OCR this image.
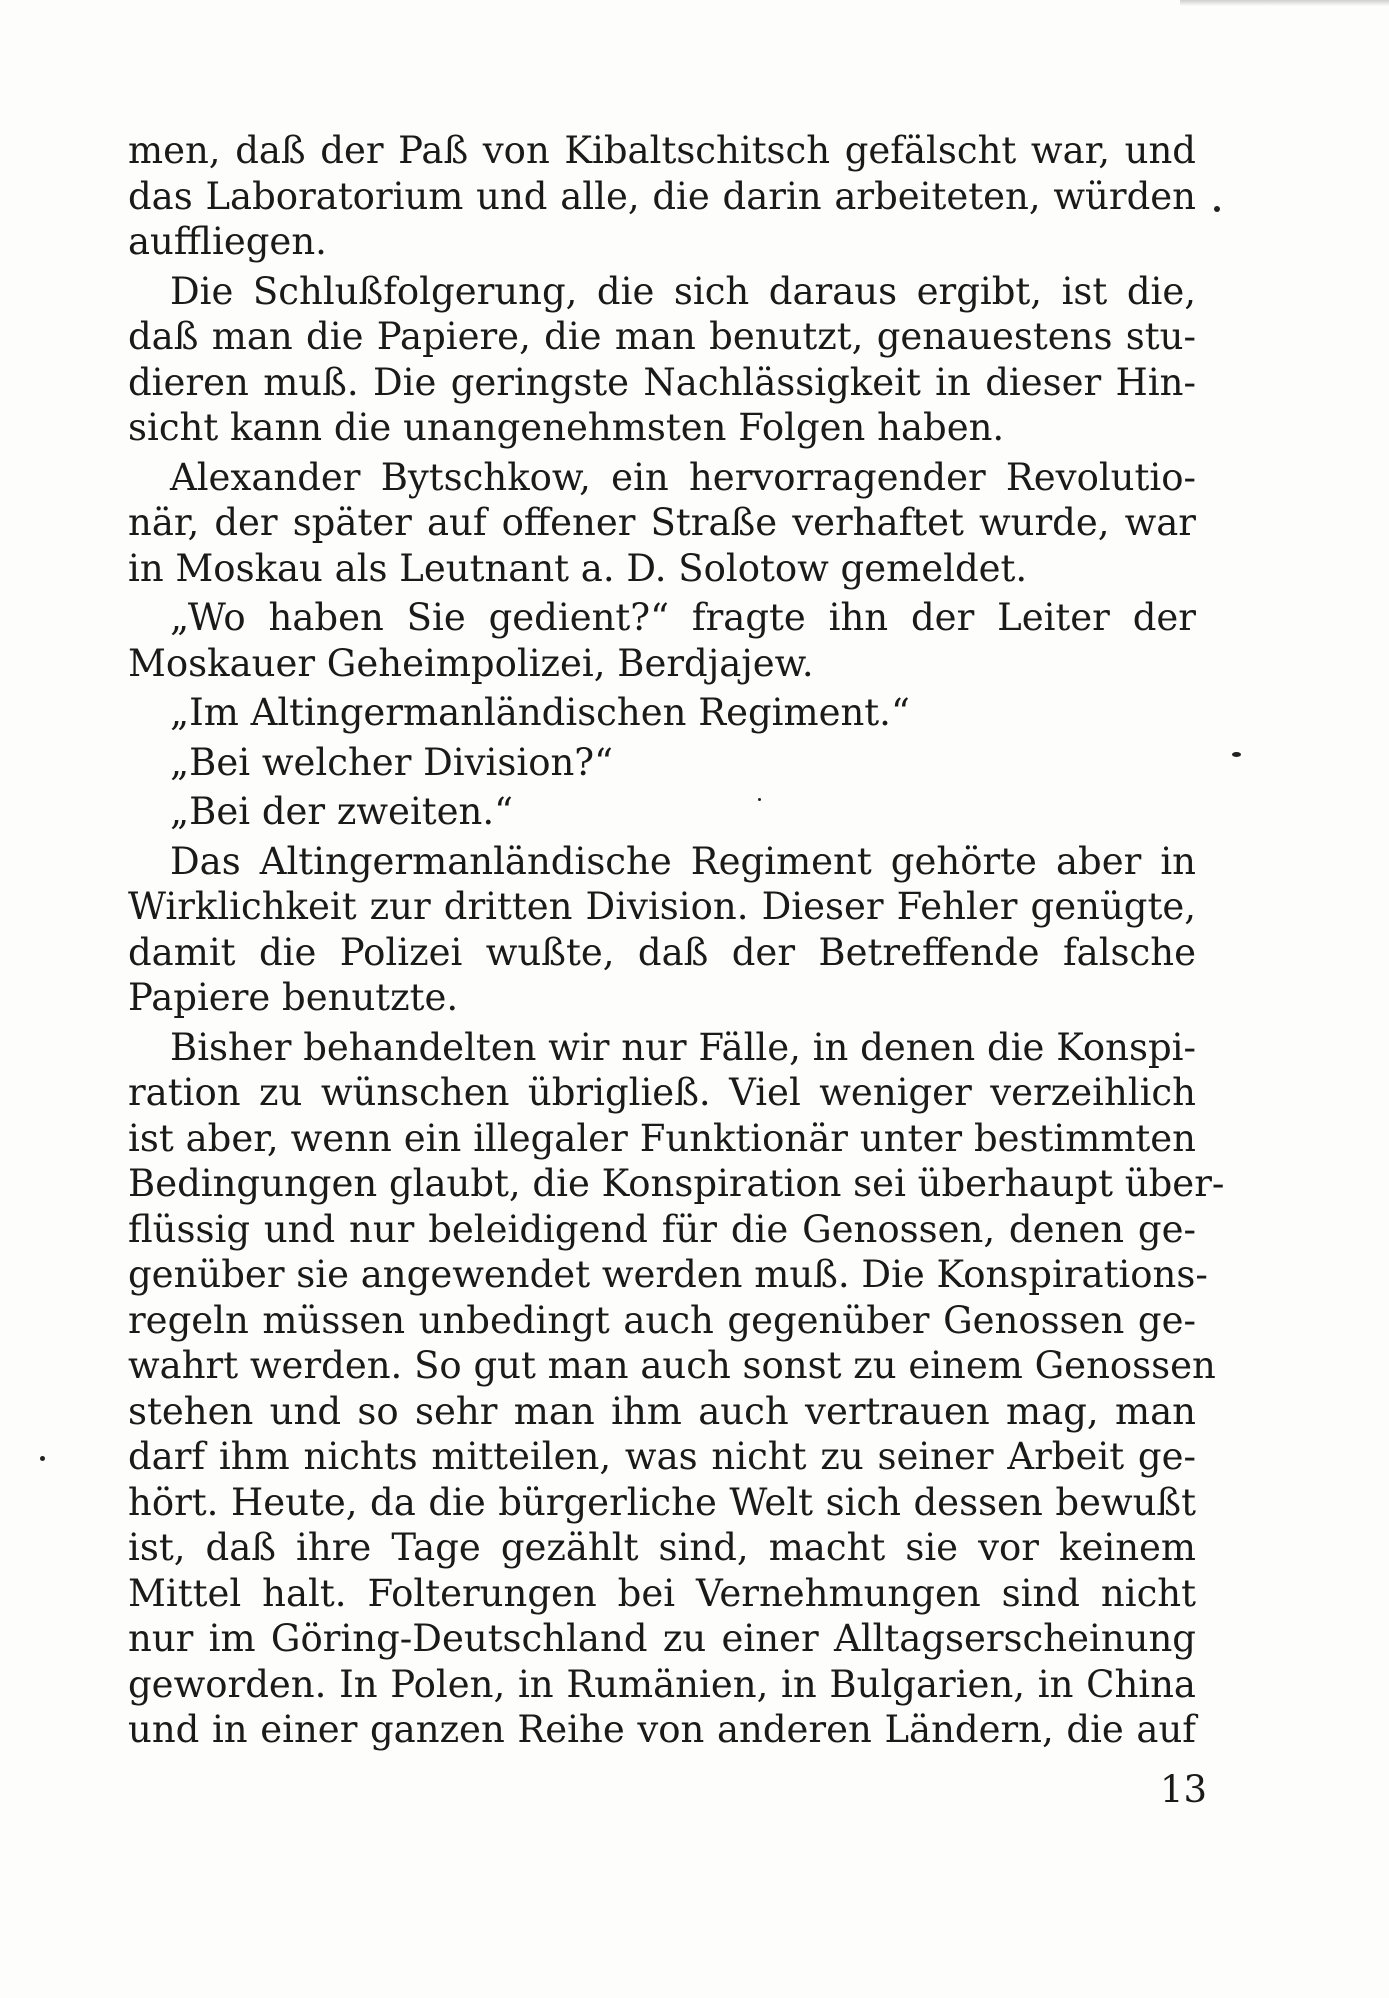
men, daß der Paß von Kibaltschitsch gefälscht war, und
das Laboratorium und alle, die darin arbeiteten, würden
auffliegen.
Die Schlußfolgerung, die sich daraus ergibt, ist die,
daß man die Papiere, die man benutzt, genauestens stu-
dieren muß. Die geringste Nachlässigkeit in dieser Hin-
sicht kann die unangenehmsten Folgen haben.
Alexander Bytschkow, ein hervorragender Revolutio-
när, der später auf offener Straße verhaftet wurde, war
in Moskau als Leutnant a. D. Solotow gemeldet.
„Wo haben Sie gedient?“ fragte ihn der Leiter der
Moskauer Geheimpolizei, Berdjajew.
„Im Altingermanländischen Regiment.“
„Bei welcher Division?“
„Bei der zweiten.“
Das Altingermanländische Regiment gehörte aber in
Wirklichkeit zur dritten Division. Dieser Fehler genügte,
damit die Polizei wußte, daß der Betreffende falsche
Papiere benutzte.
Bisher behandelten wir nur Fälle, in denen die Konspi-
ration zu wünschen übrigließ. Viel weniger verzeihlich
ist aber, wenn ein illegaler Funktionär unter bestimmten
Bedingungen glaubt, die Konspiration sei überhaupt über-
flüssig und nur beleidigend für die Genossen, denen ge-
genüber sie angewendet werden muß. Die Konspirations-
regeln müssen unbedingt auch gegenüber Genossen ge-
wahrt werden. So gut man auch sonst zu einem Genossen
stehen und so sehr man ihm auch vertrauen mag, man
darf ihm nichts mitteilen, was nicht zu seiner Arbeit ge-
hört. Heute, da die bürgerliche Welt sich dessen bewußt
ist, daß ihre Tage gezählt sind, macht sie vor keinem
Mittel halt. Folterungen bei Vernehmungen sind nicht
nur im Göring-Deutschland zu einer Alltagserscheinung
geworden. In Polen, in Rumänien, in Bulgarien, in China
und in einer ganzen Reihe von anderen Ländern, die auf
13
